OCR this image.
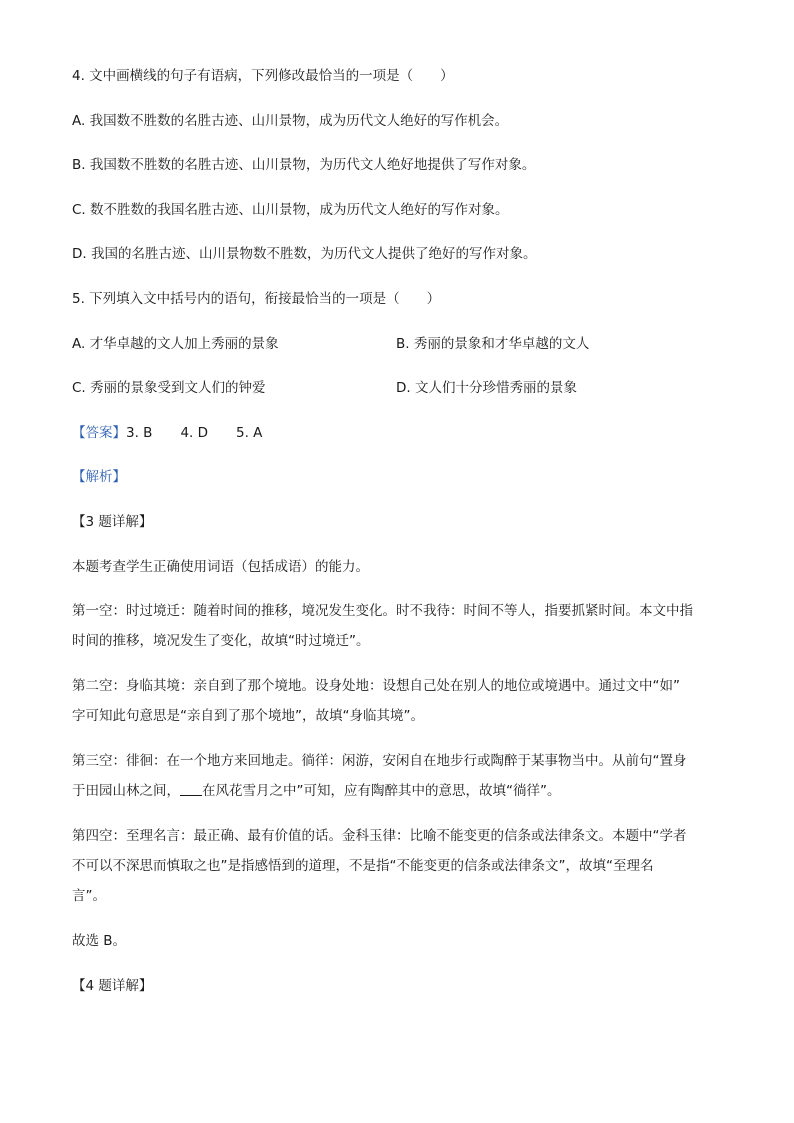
4. 文中画横线的句子有语病，下列修改最恰当的一项是（　　）
A. 我国数不胜数的名胜古迹、山川景物，成为历代文人绝好的写作机会。
B. 我国数不胜数的名胜古迹、山川景物，为历代文人绝好地提供了写作对象。
C. 数不胜数的我国名胜古迹、山川景物，成为历代文人绝好的写作对象。
D. 我国的名胜古迹、山川景物数不胜数，为历代文人提供了绝好的写作对象。
5. 下列填入文中括号内的语句，衔接最恰当的一项是（　　）
A. 才华卓越的文人加上秀丽的景象	B. 秀丽的景象和才华卓越的文人
C. 秀丽的景象受到文人们的钟爱	D. 文人们十分珍惜秀丽的景象
【答案】3. B 4. D 5. A
【解析】
【3 题详解】
本题考查学生正确使用词语（包括成语）的能力。
第一空：时过境迁：随着时间的推移，境况发生变化。时不我待：时间不等人，指要抓紧时间。本文中指
时间的推移，境况发生了变化，故填“时过境迁”。
第二空：身临其境：亲自到了那个境地。设身处地：设想自己处在别人的地位或境遇中。通过文中“如”
字可知此句意思是“亲自到了那个境地”，故填“身临其境”。
第三空：徘徊：在一个地方来回地走。徜徉：闲游，安闲自在地步行或陶醉于某事物当中。从前句“置身
于田园山林之间， 在风花雪月之中”可知，应有陶醉其中的意思，故填“徜徉”。
第四空：至理名言：最正确、最有价值的话。金科玉律：比喻不能变更的信条或法律条文。本题中“学者
不可以不深思而慎取之也”是指感悟到的道理，不是指“不能变更的信条或法律条文”，故填“至理名
言”。
故选 B。
【4 题详解】
